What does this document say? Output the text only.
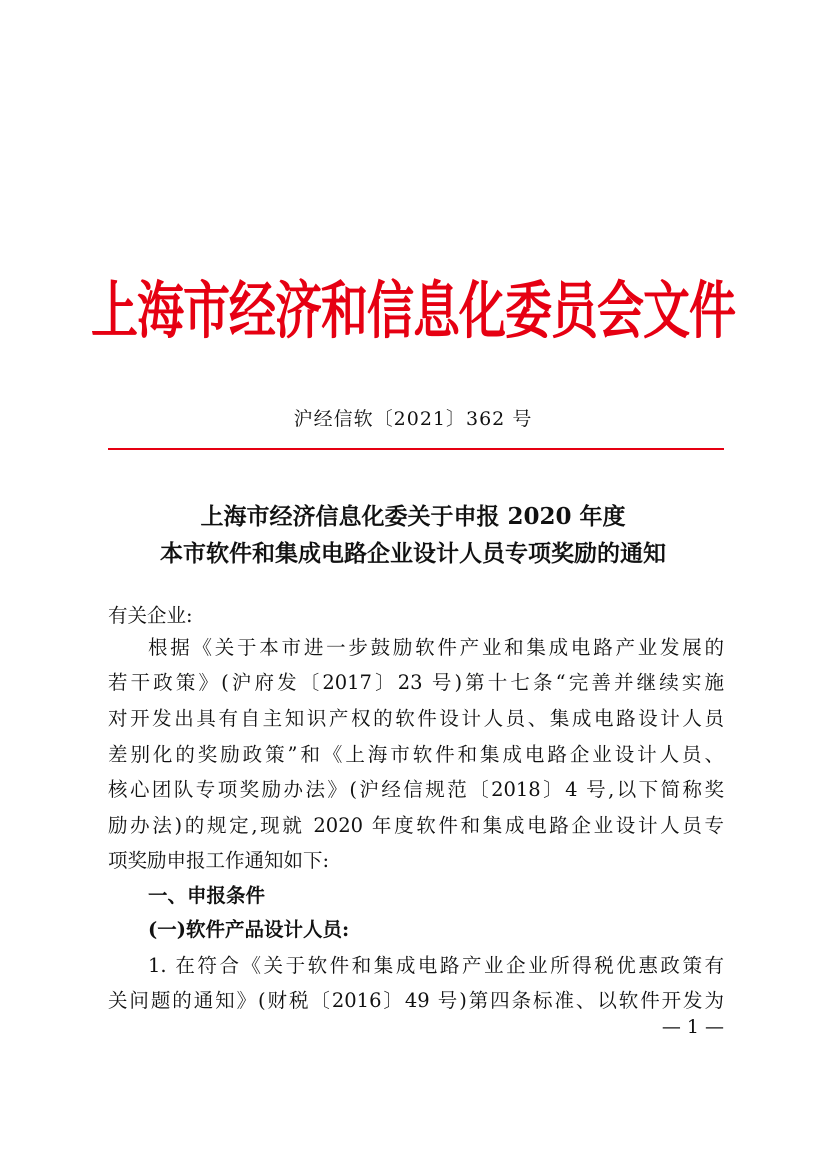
上海市经济和信息化委员会文件
沪经信软〔2021〕362 号
上海市经济信息化委关于申报 2020 年度
本市软件和集成电路企业设计人员专项奖励的通知
有关企业:
根据《关于本市进一步鼓励软件产业和集成电路产业发展的
若干政策》(沪府发〔2017〕23 号)第十七条“完善并继续实施
对开发出具有自主知识产权的软件设计人员、集成电路设计人员
差别化的奖励政策”和《上海市软件和集成电路企业设计人员、
核心团队专项奖励办法》(沪经信规范〔2018〕4 号,以下简称奖
励办法)的规定,现就 2020 年度软件和集成电路企业设计人员专
项奖励申报工作通知如下:
一、申报条件
(一)软件产品设计人员:
1. 在符合《关于软件和集成电路产业企业所得税优惠政策有
关问题的通知》(财税〔2016〕49 号)第四条标准、以软件开发为
— 1 —
